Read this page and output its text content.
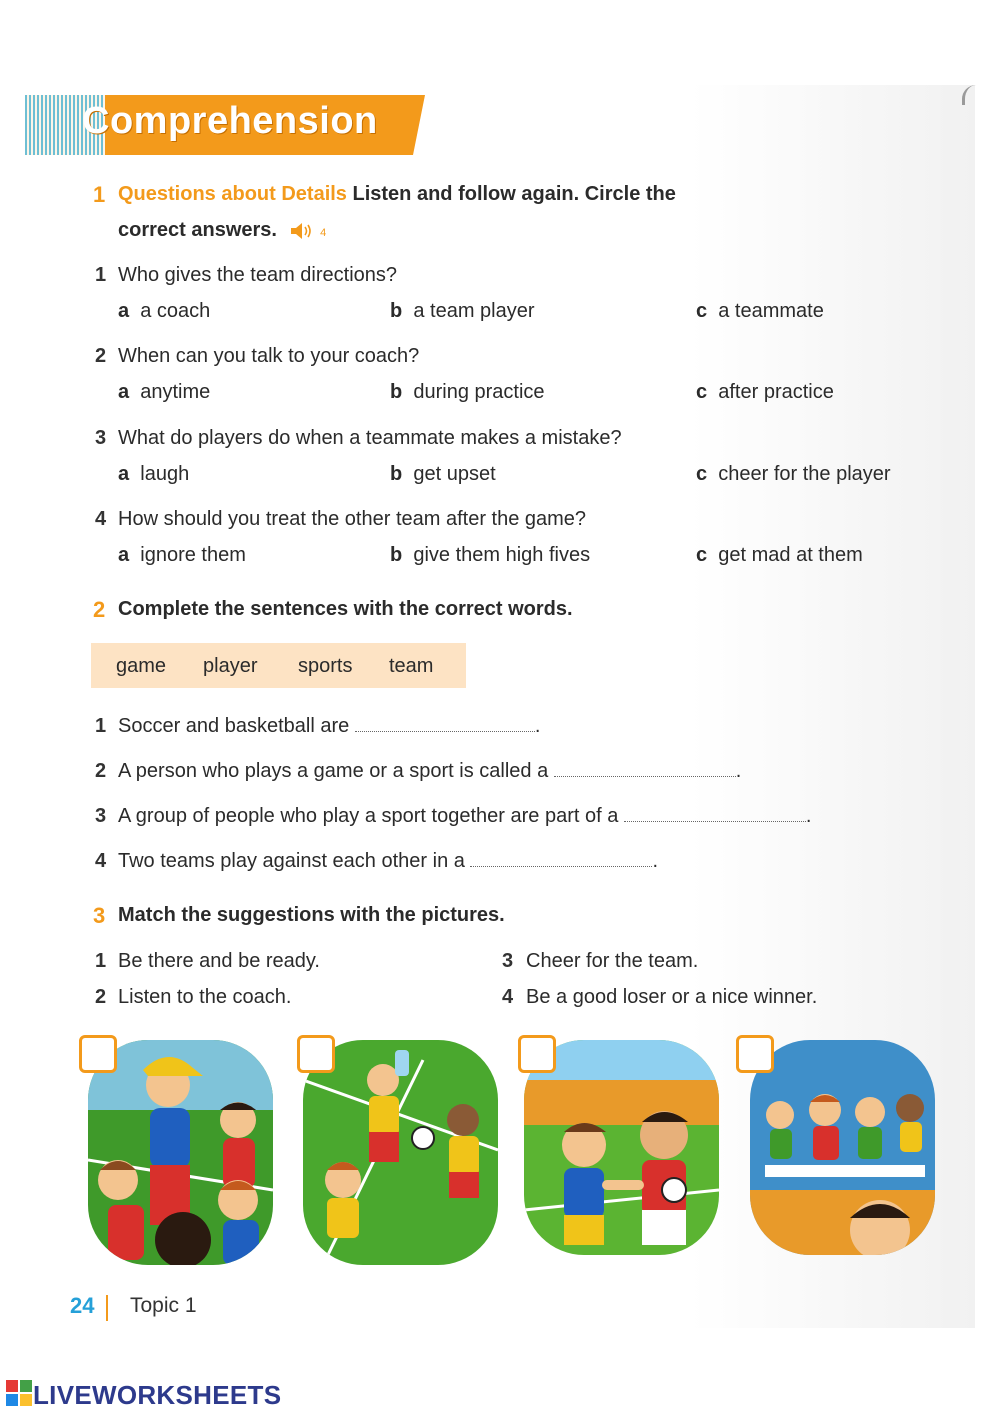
Comprehension
1 Questions about Details Listen and follow again. Circle the
correct answers.	4
1 Who gives the team directions?
a a coach	b a team player	c a teammate
2 When can you talk to your coach?
a anytime	b during practice	c after practice
3 What do players do when a teammate makes a mistake?
a laugh	b get upset	c cheer for the player
4 How should you treat the other team after the game?
a ignore them	b give them high fives	c get mad at them
2 Complete the sentences with the correct words.
game player sports team
1 Soccer and basketball are	.
2 A person who plays a game or a sport is called a	.
3 A group of people who play a sport together are part of a	.
4 Two teams play against each other in a	.
3 Match the suggestions with the pictures.
1 Be there and be ready.
2 Listen to the coach.
3 Cheer for the team.
4 Be a good loser or a nice winner.
24 Topic 1
LIVEWORKSHEETS
